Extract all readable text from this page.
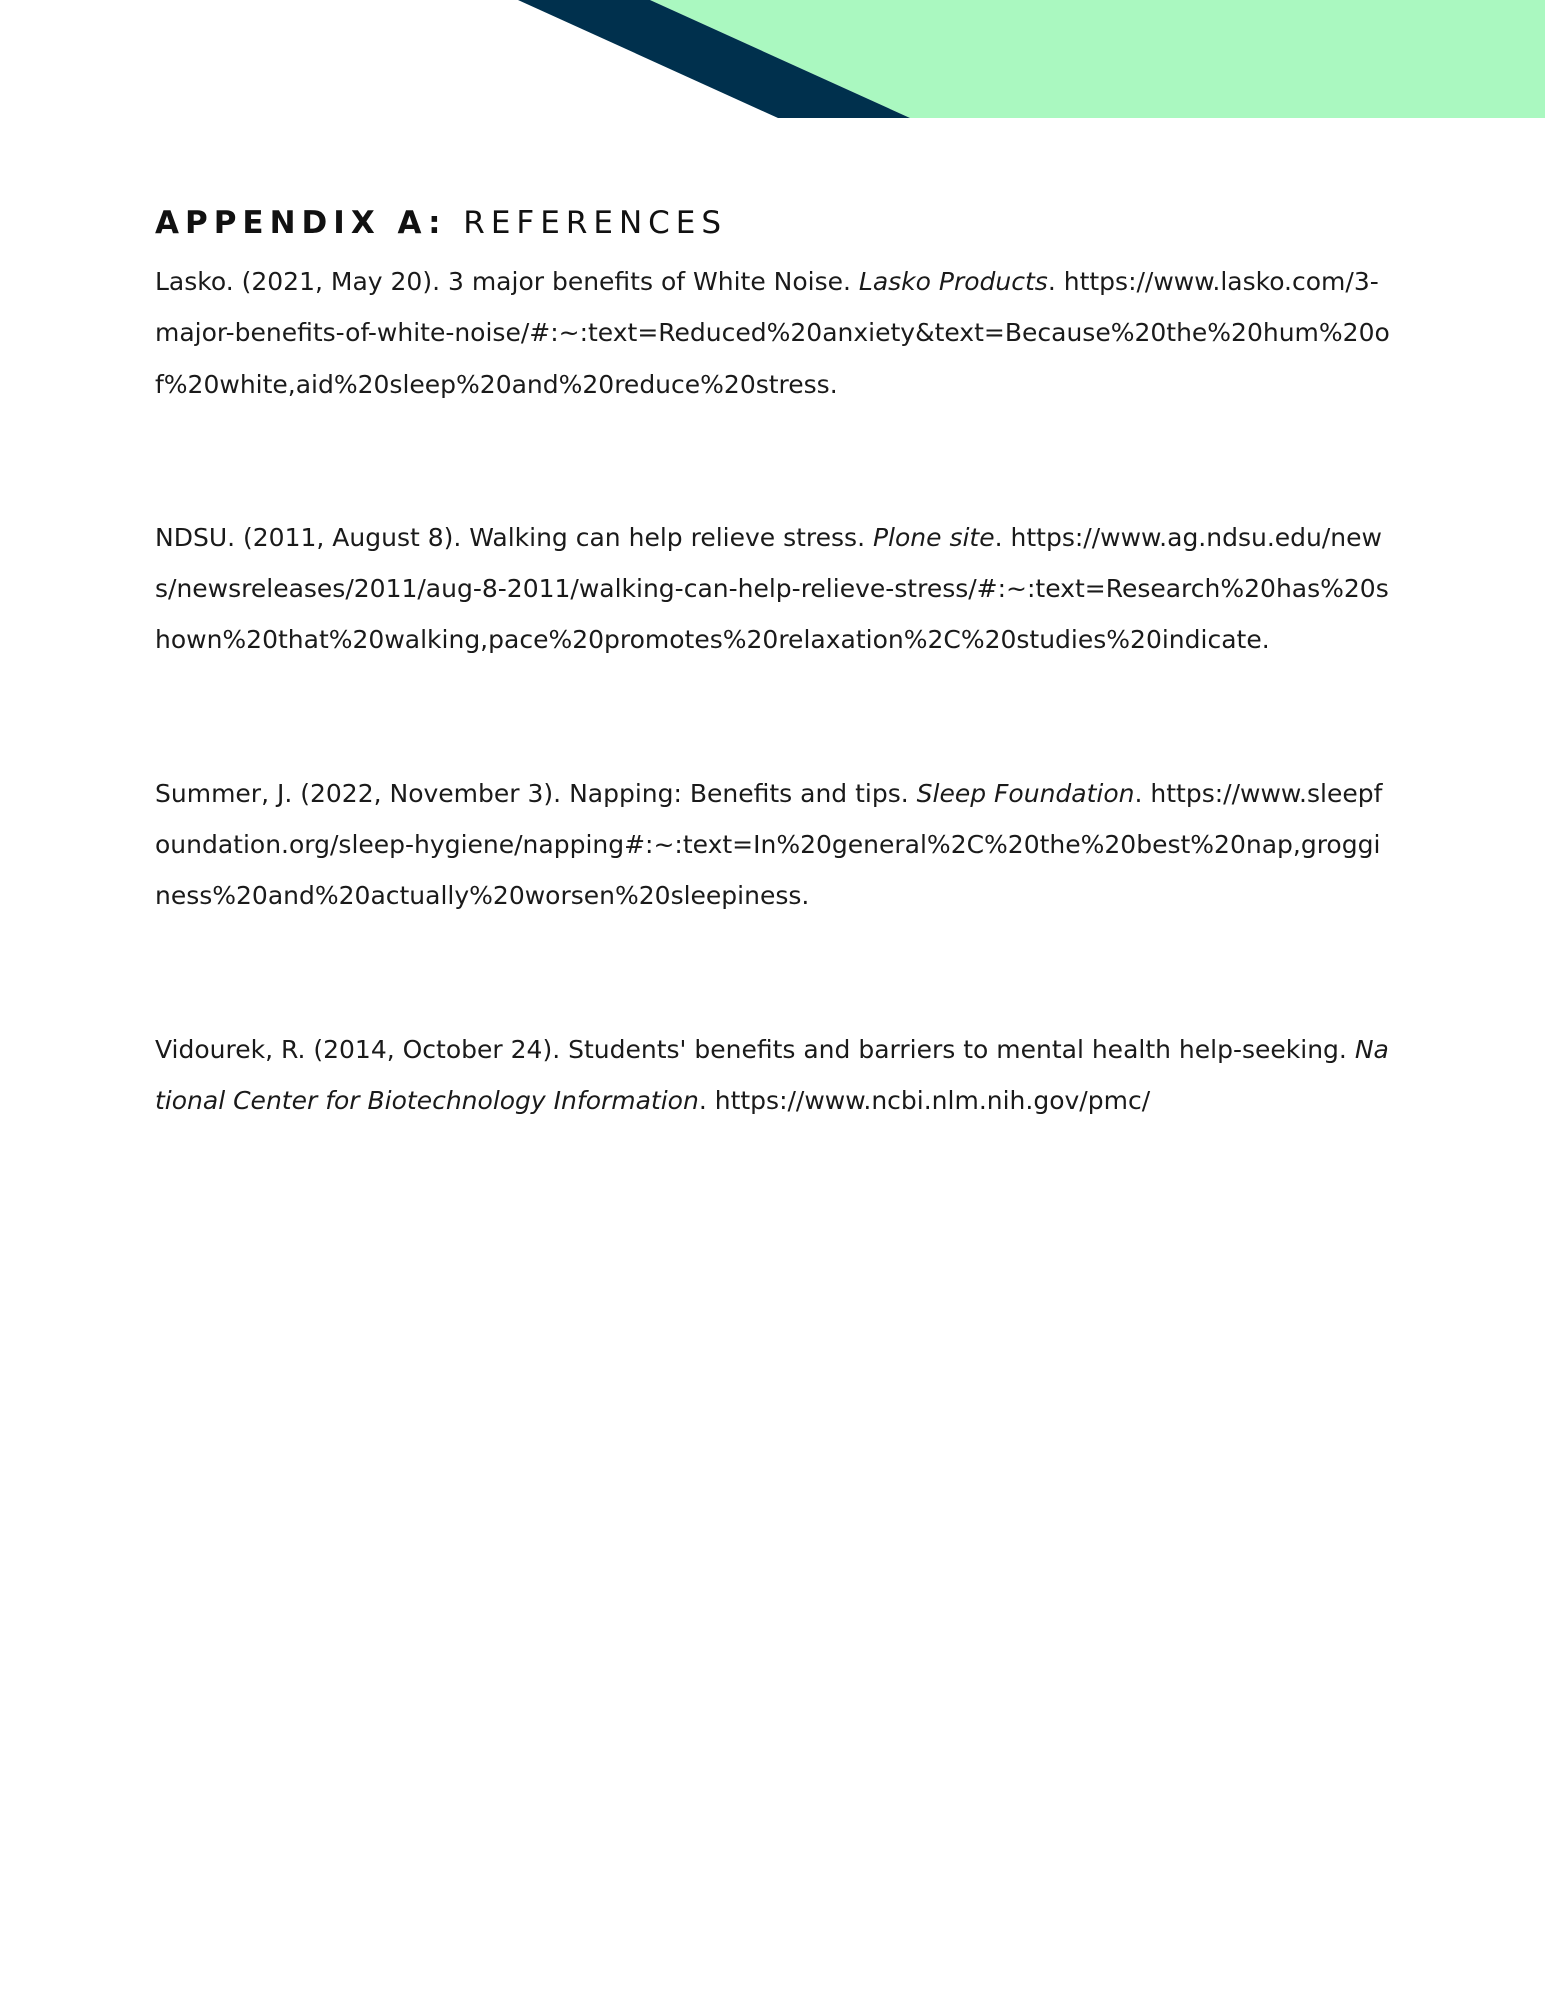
APPENDIX A: REFERENCES

Lasko. (2021, May 20). 3 major benefits of White Noise. Lasko Products. https://www.lasko.com/3-major-benefits-of-white-noise/#:~:text=Reduced%20anxiety&text=Because%20the%20hum%20of%20white,aid%20sleep%20and%20reduce%20stress.

NDSU. (2011, August 8). Walking can help relieve stress. Plone site. https://www.ag.ndsu.edu/news/newsreleases/2011/aug-8-2011/walking-can-help-relieve-stress/#:~:text=Research%20has%20shown%20that%20walking,pace%20promotes%20relaxation%2C%20studies%20indicate.

Summer, J. (2022, November 3). Napping: Benefits and tips. Sleep Foundation. https://www.sleepfoundation.org/sleep-hygiene/napping#:~:text=In%20general%2C%20the%20best%20nap,grogginess%20and%20actually%20worsen%20sleepiness.

Vidourek, R. (2014, October 24). Students' benefits and barriers to mental health help-seeking. National Center for Biotechnology Information. https://www.ncbi.nlm.nih.gov/pmc/
